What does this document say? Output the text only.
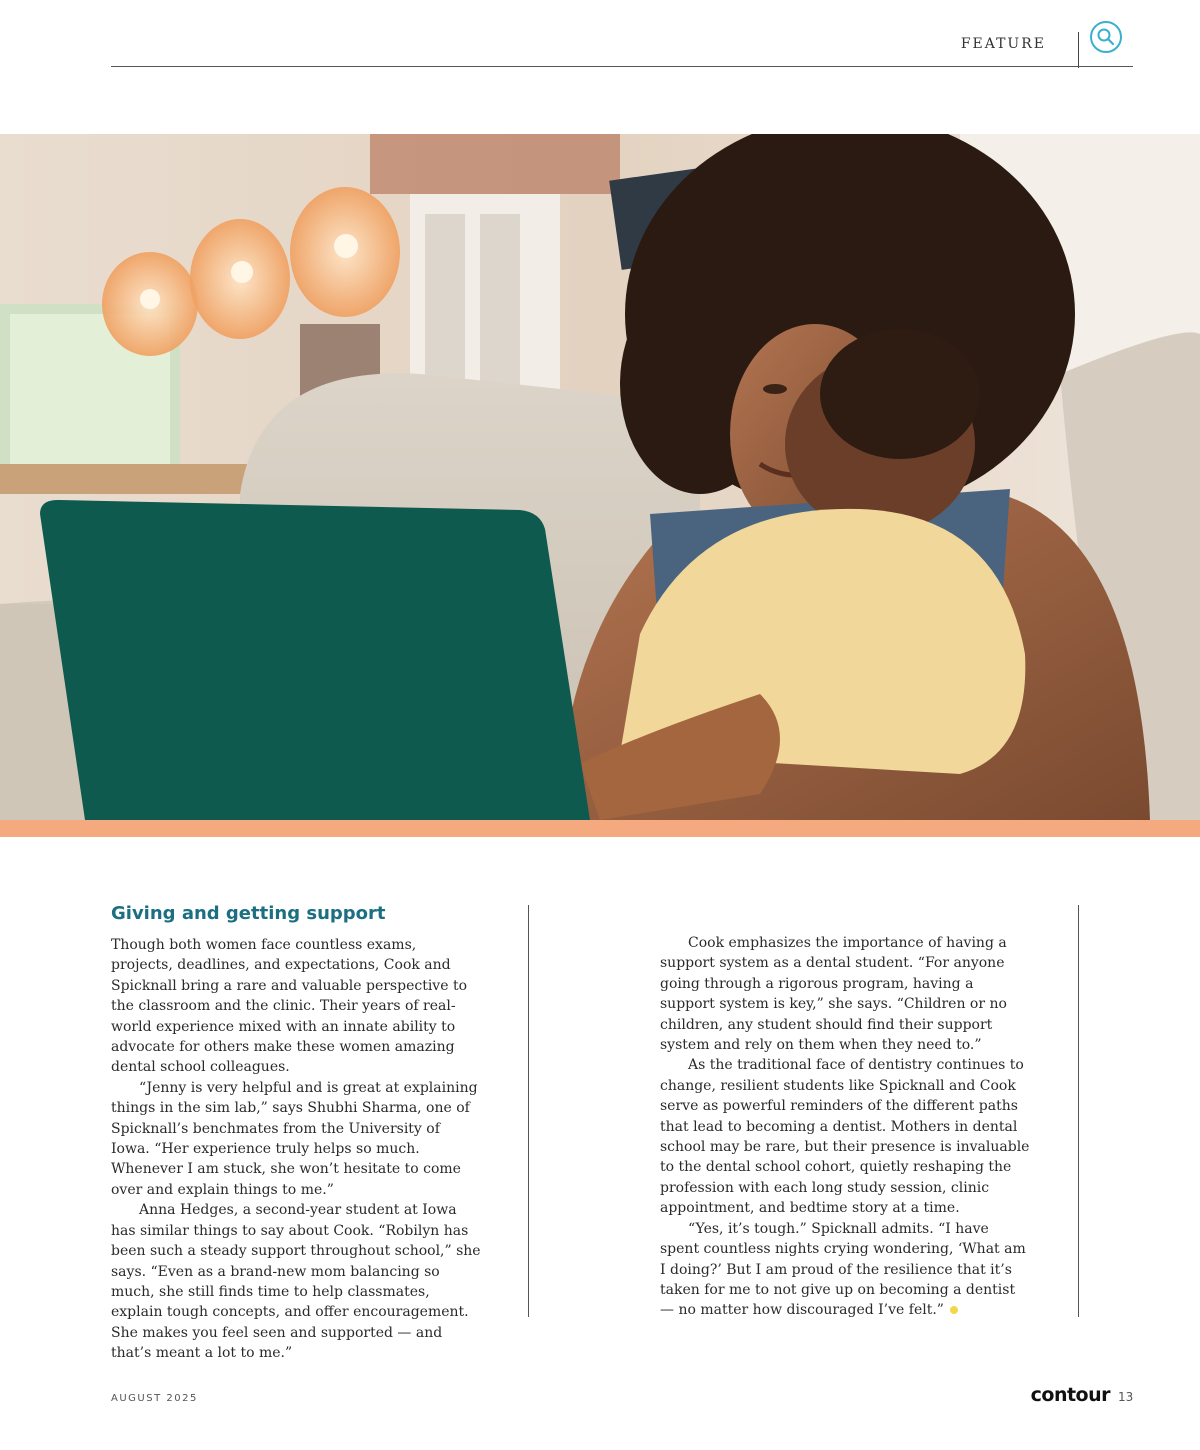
FEATURE
Giving and getting support

Though both women face countless exams, projects, deadlines, and expectations, Cook and Spicknall bring a rare and valuable perspective to the classroom and the clinic. Their years of real-world experience mixed with an innate ability to advocate for others make these women amazing dental school colleagues.

“Jenny is very helpful and is great at explaining things in the sim lab,” says Shubhi Sharma, one of Spicknall’s benchmates from the University of Iowa. “Her experience truly helps so much. Whenever I am stuck, she won’t hesitate to come over and explain things to me.”

Anna Hedges, a second-year student at Iowa has similar things to say about Cook. “Robilyn has been such a steady support throughout school,” she says. “Even as a brand-new mom balancing so much, she still finds time to help classmates, explain tough concepts, and offer encouragement. She makes you feel seen and supported — and that’s meant a lot to me.”

Cook emphasizes the importance of having a support system as a dental student. “For anyone going through a rigorous program, having a support system is key,” she says. “Children or no children, any student should find their support system and rely on them when they need to.”

As the traditional face of dentistry continues to change, resilient students like Spicknall and Cook serve as powerful reminders of the different paths that lead to becoming a dentist. Mothers in dental school may be rare, but their presence is invaluable to the dental school cohort, quietly reshaping the profession with each long study session, clinic appointment, and bedtime story at a time.

“Yes, it’s tough.” Spicknall admits. “I have spent countless nights crying wondering, ‘What am I doing?’ But I am proud of the resilience that it’s taken for me to not give up on becoming a dentist — no matter how discouraged I’ve felt.”

AUGUST 2025	contour 13
